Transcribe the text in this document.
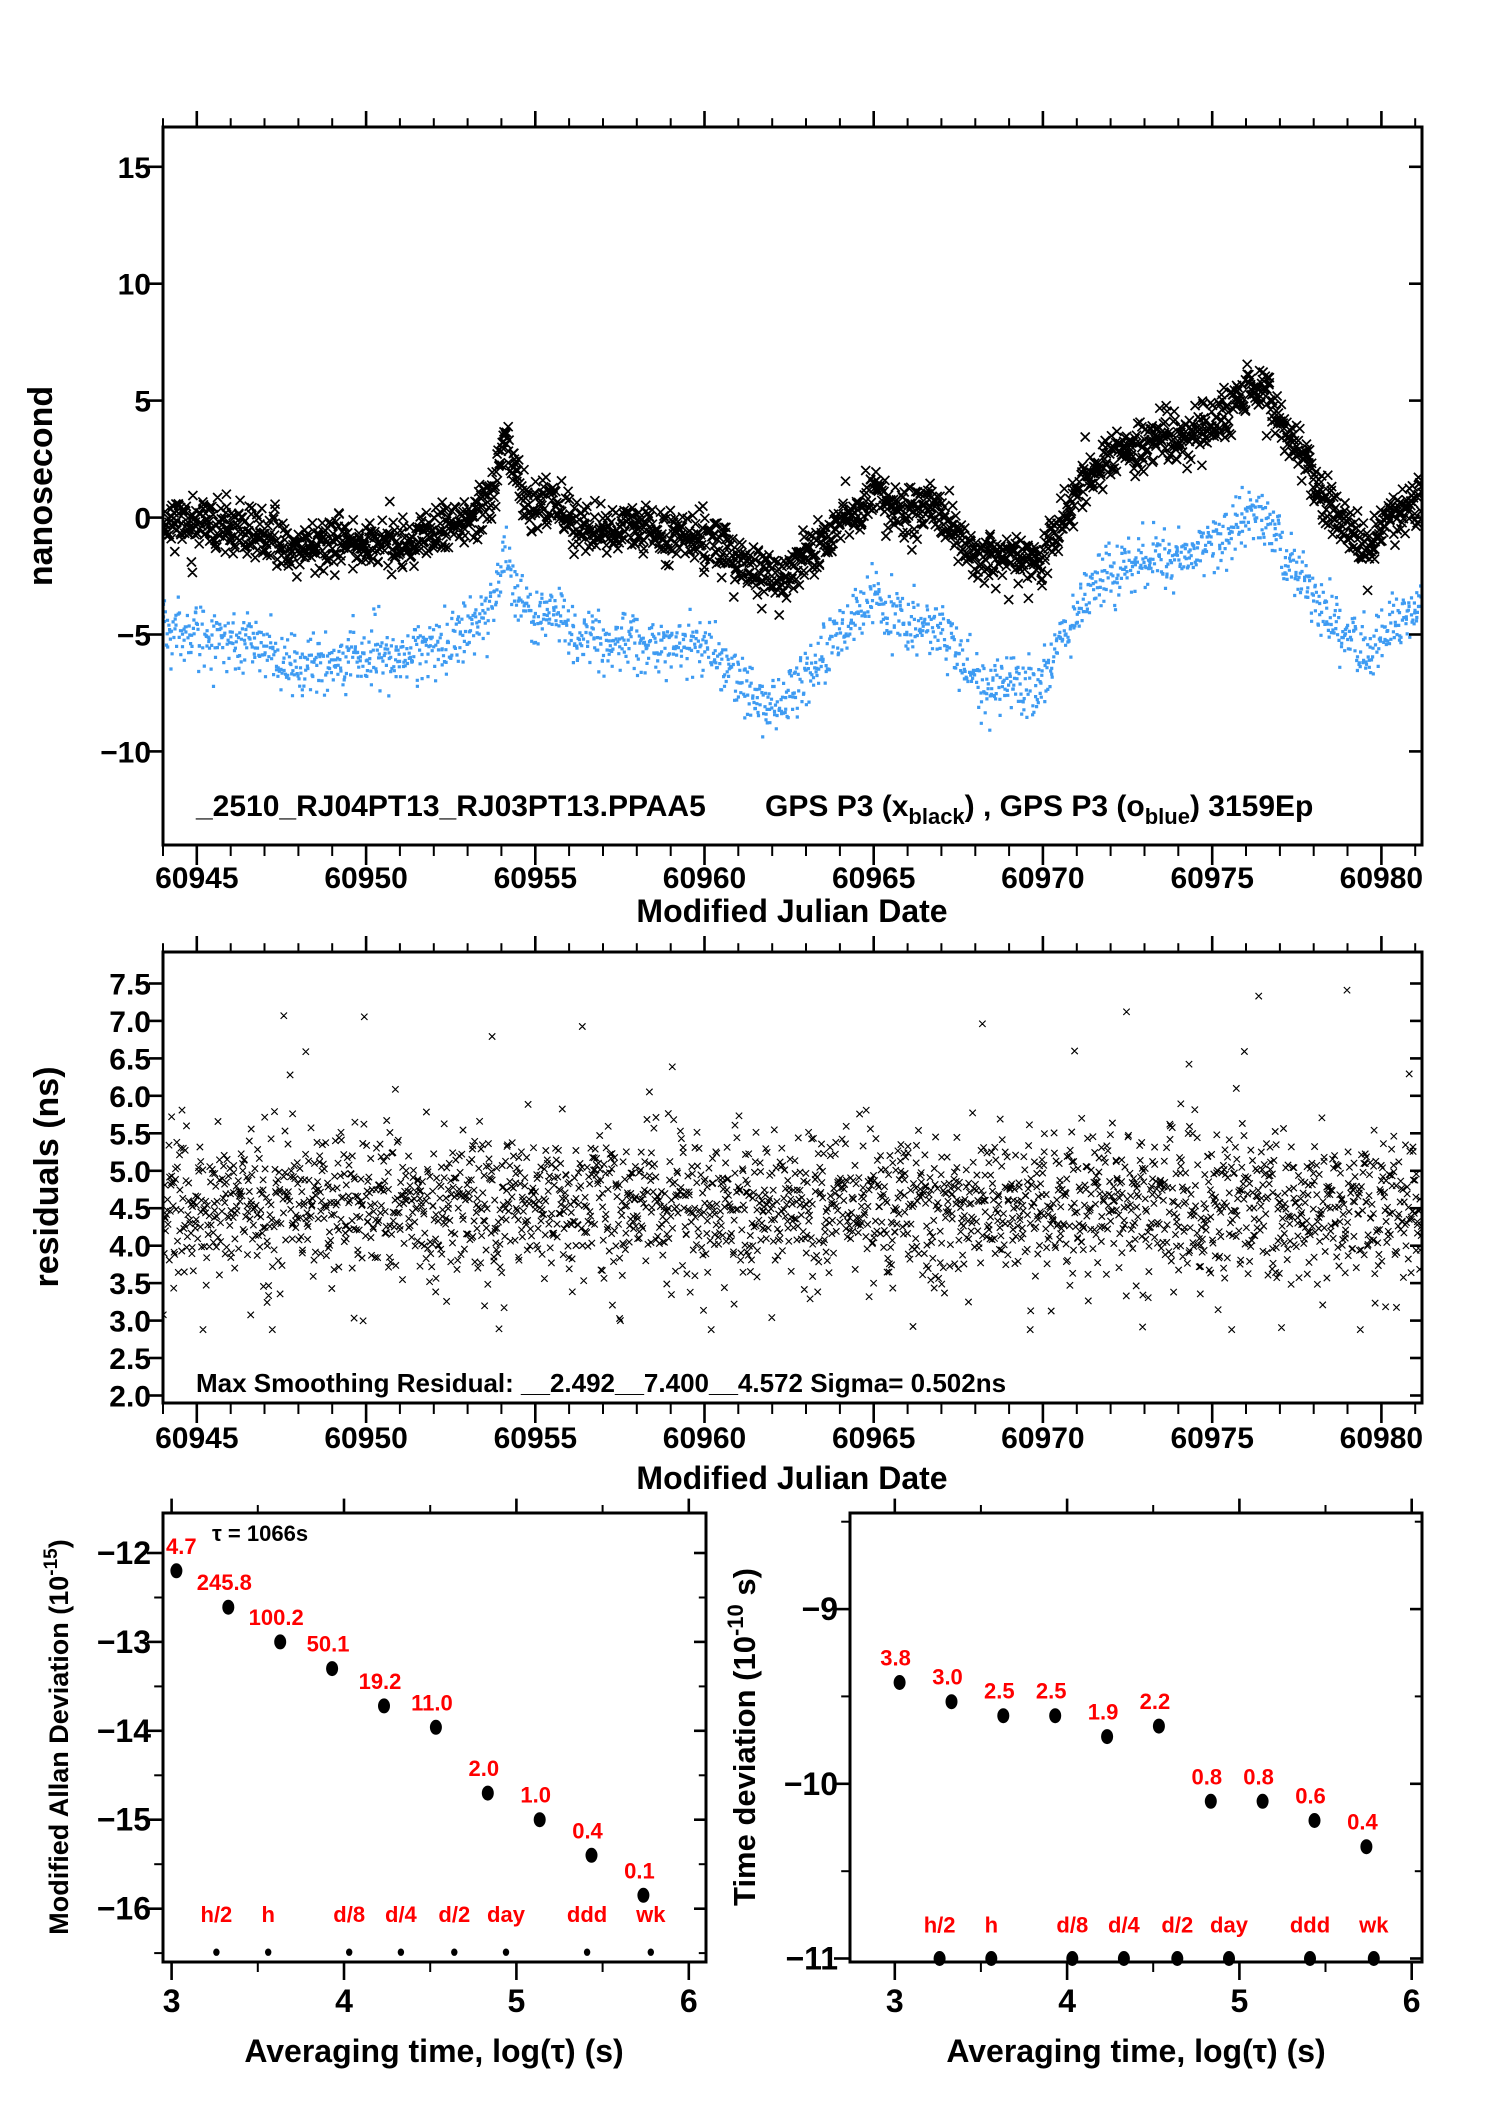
60945	60950	60955	60960	60965	60970	60975	60980
15
10
5
0
−5
−10
nanosecond
Modified Julian Date
_2510_RJ04PT13_RJ03PT13.PPAA5 GPS P3 $(x_{black})$ , GPS P3 $(o_{blue})$ 3159Ep
60945	60950	60955	60960	60965	60970	60975	60980
7.5
7.0
6.5
6.0
5.5
5.0
4.5
4.0
3.5
3.0
2.5
2.0
residuals (ns)
Modified Julian Date
Max Smoothing Residual: __2.492__7.400__4.572 Sigma= 0.502ns
4.7
245.8
100.2
50.1
19.2
11.0
2.0
1.0
0.4
0.1
h/2 h	d/8 d/4 d/2 day ddd wk
3	4	5	6
−12
−13
−14
−15
−16
Modified Allan Deviation $(10^{-15})$
Averaging time, log(τ) (s)
τ = 1066s
3.8
3.0
2.5 2.5
1.9 2.2
0.8 0.8
0.6
0.4
h/2 h	d/8 d/4 d/2 day ddd wk
3	4	5	6
−9
−10
−11
Time deviation ($10^{-10}$ s)
Averaging time, log(τ) (s)
